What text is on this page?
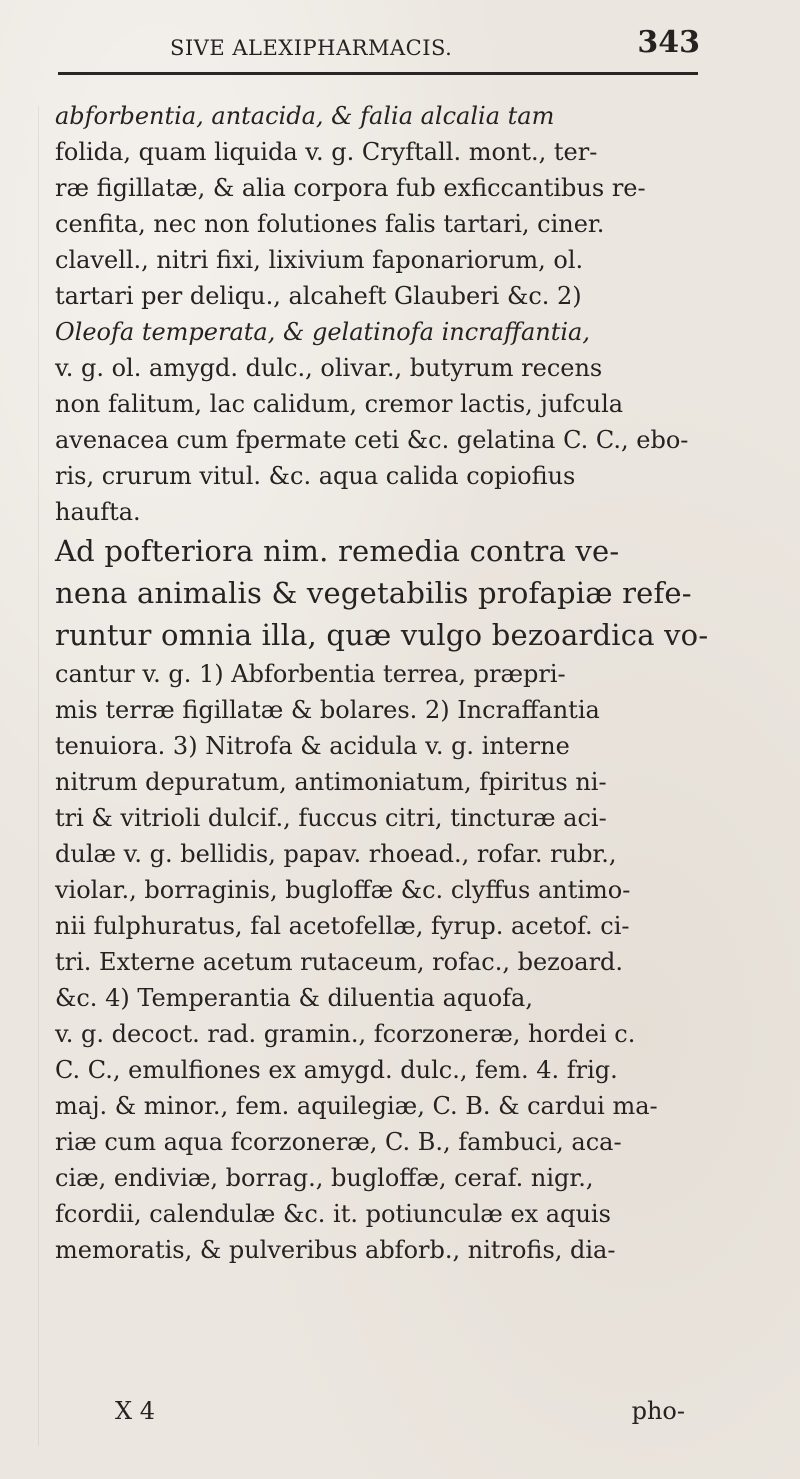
SIVE ALEXIPHARMACIS.	343
abforbentia, antacida, & falia alcalia tam
folida, quam liquida v. g. Cryftall. mont., ter-
ræ figillatæ, & alia corpora fub exficcantibus re-
cenfita, nec non folutiones falis tartari, ciner.
clavell., nitri fixi, lixivium faponariorum, ol.
tartari per deliqu., alcaheft Glauberi &c. 2)
Oleofa temperata, & gelatinofa incraffantia,
v. g. ol. amygd. dulc., olivar., butyrum recens
non falitum, lac calidum, cremor lactis, jufcula
avenacea cum fpermate ceti &c. gelatina C. C., ebo-
ris, crurum vitul. &c. aqua calida copiofius
haufta.
Ad pofteriora nim. remedia contra ve-
nena animalis & vegetabilis profapiæ refe-
runtur omnia illa, quæ vulgo bezoardica vo-
cantur v. g. 1) Abforbentia terrea, præpri-
mis terræ figillatæ & bolares. 2) Incraffantia
tenuiora. 3) Nitrofa & acidula v. g. interne
nitrum depuratum, antimoniatum, fpiritus ni-
tri & vitrioli dulcif., fuccus citri, tincturæ aci-
dulæ v. g. bellidis, papav. rhoead., rofar. rubr.,
violar., borraginis, bugloffæ &c. clyffus antimo-
nii fulphuratus, fal acetofellæ, fyrup. acetof. ci-
tri. Externe acetum rutaceum, rofac., bezoard.
&c. 4) Temperantia & diluentia aquofa,
v. g. decoct. rad. gramin., fcorzoneræ, hordei c.
C. C., emulfiones ex amygd. dulc., fem. 4. frig.
maj. & minor., fem. aquilegiæ, C. B. & cardui ma-
riæ cum aqua fcorzoneræ, C. B., fambuci, aca-
ciæ, endiviæ, borrag., bugloffæ, ceraf. nigr.,
fcordii, calendulæ &c. it. potiunculæ ex aquis
memoratis, & pulveribus abforb., nitrofis, dia-
X 4	pho-
